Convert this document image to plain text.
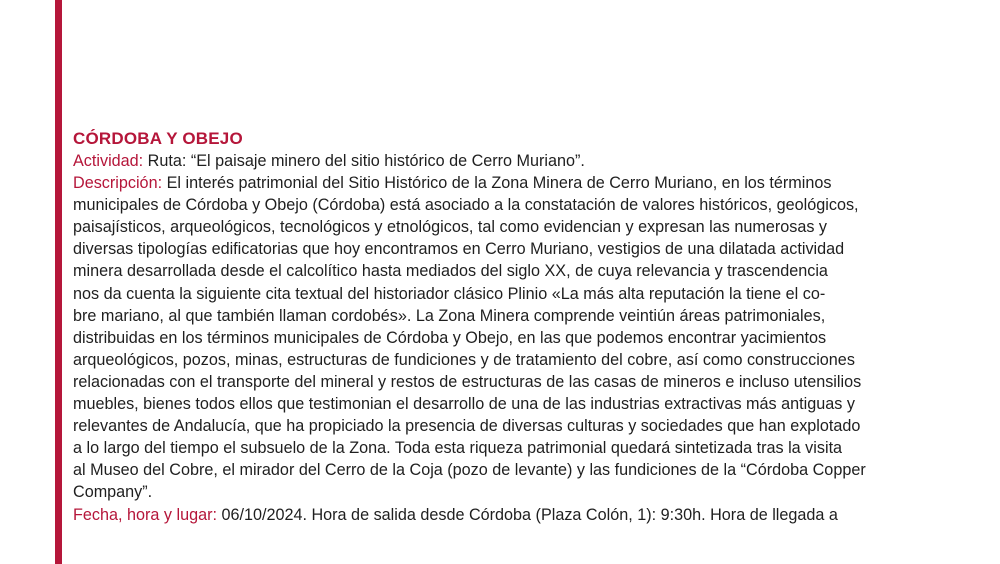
CÓRDOBA Y OBEJO
Actividad: Ruta: “El paisaje minero del sitio histórico de Cerro Muriano”.
Descripción: El interés patrimonial del Sitio Histórico de la Zona Minera de Cerro Muriano, en los términos
municipales de Córdoba y Obejo (Córdoba) está asociado a la constatación de valores históricos, geológicos,
paisajísticos, arqueológicos, tecnológicos y etnológicos, tal como evidencian y expresan las numerosas y
diversas tipologías edificatorias que hoy encontramos en Cerro Muriano, vestigios de una dilatada actividad
minera desarrollada desde el calcolítico hasta mediados del siglo XX, de cuya relevancia y trascendencia
nos da cuenta la siguiente cita textual del historiador clásico Plinio «La más alta reputación la tiene el co-
bre mariano, al que también llaman cordobés». La Zona Minera comprende veintiún áreas patrimoniales,
distribuidas en los términos municipales de Córdoba y Obejo, en las que podemos encontrar yacimientos
arqueológicos, pozos, minas, estructuras de fundiciones y de tratamiento del cobre, así como construcciones
relacionadas con el transporte del mineral y restos de estructuras de las casas de mineros e incluso utensilios
muebles, bienes todos ellos que testimonian el desarrollo de una de las industrias extractivas más antiguas y
relevantes de Andalucía, que ha propiciado la presencia de diversas culturas y sociedades que han explotado
a lo largo del tiempo el subsuelo de la Zona. Toda esta riqueza patrimonial quedará sintetizada tras la visita
al Museo del Cobre, el mirador del Cerro de la Coja (pozo de levante) y las fundiciones de la “Córdoba Copper
Company”.
Fecha, hora y lugar: 06/10/2024. Hora de salida desde Córdoba (Plaza Colón, 1): 9:30h. Hora de llegada a
